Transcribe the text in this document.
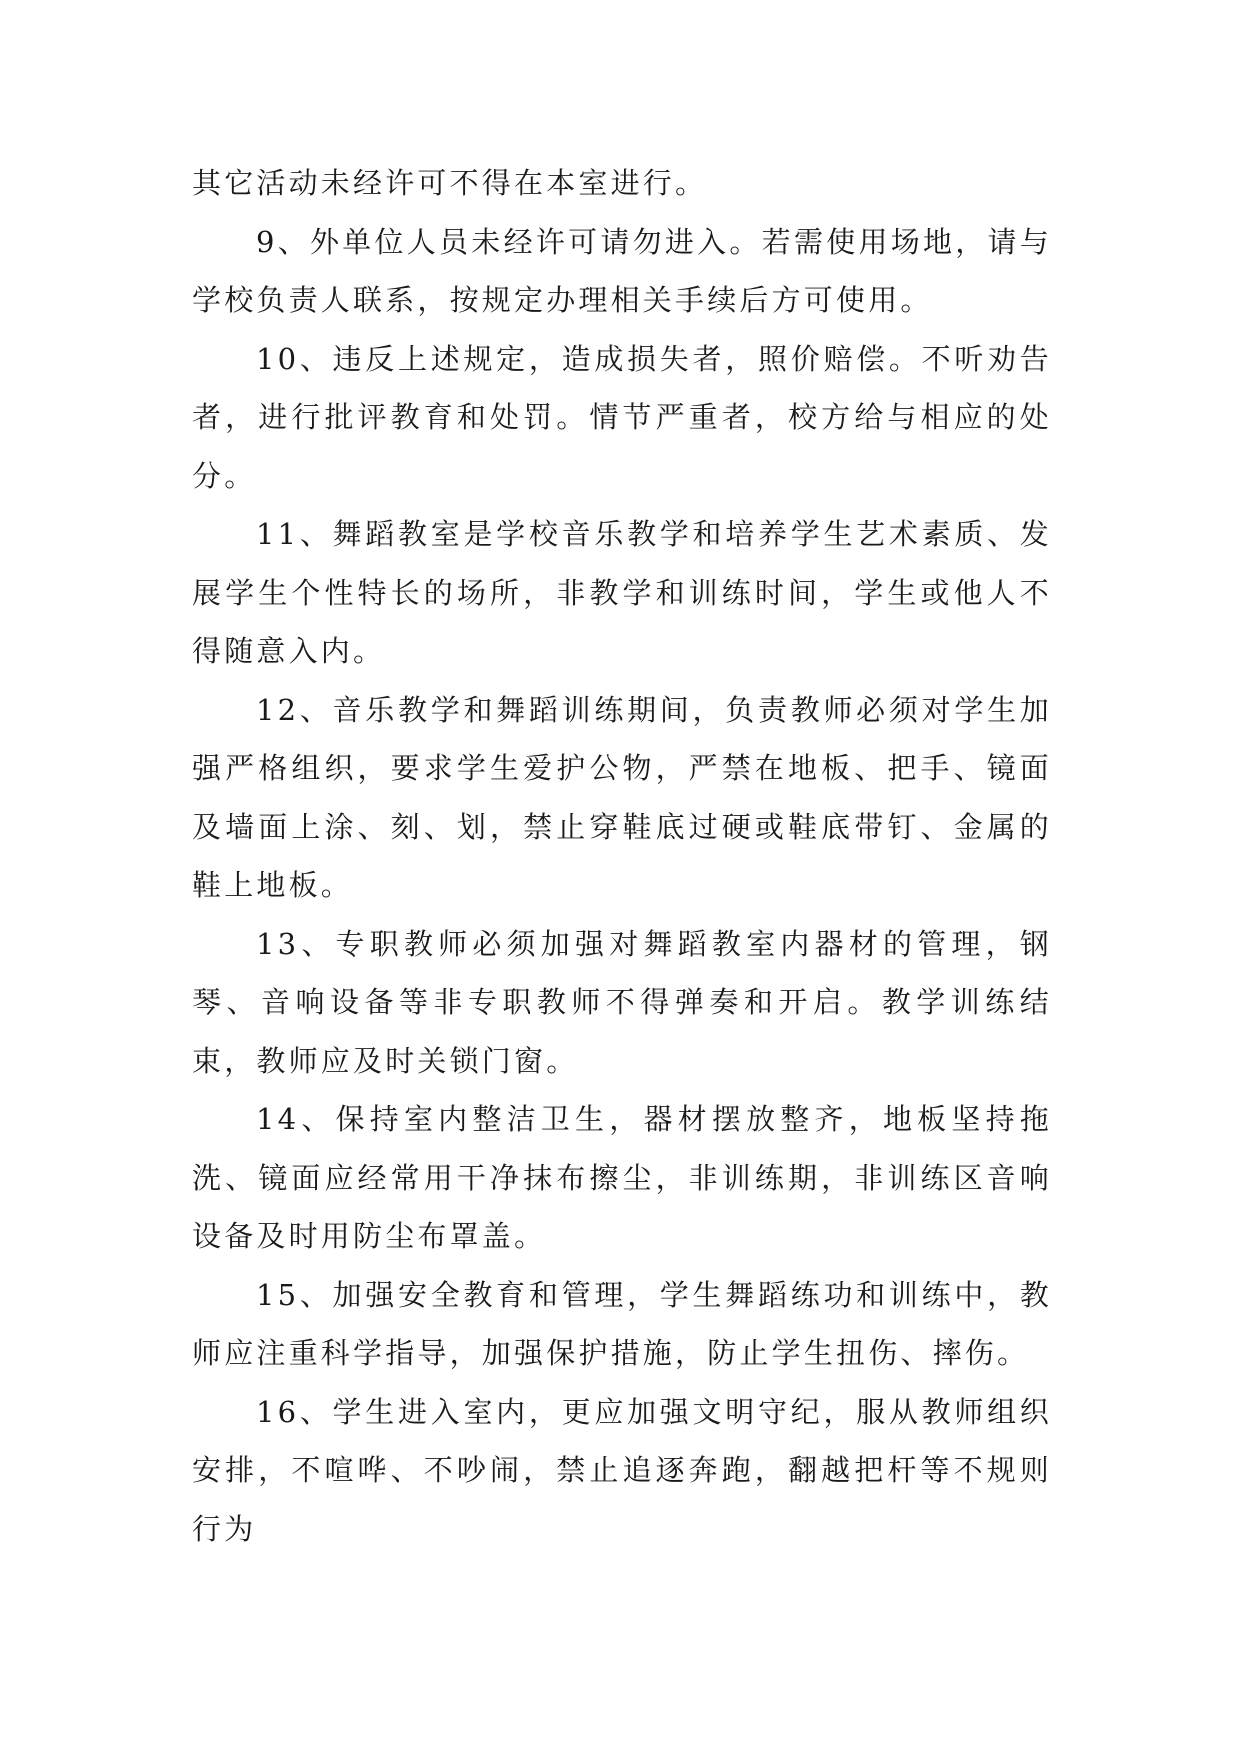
其它活动未经许可不得在本室进行。

9、外单位人员未经许可请勿进入。若需使用场地，请与学校负责人联系，按规定办理相关手续后方可使用。

10、违反上述规定，造成损失者，照价赔偿。不听劝告者，进行批评教育和处罚。情节严重者，校方给与相应的处分。

11、舞蹈教室是学校音乐教学和培养学生艺术素质、发展学生个性特长的场所，非教学和训练时间，学生或他人不得随意入内。

12、音乐教学和舞蹈训练期间，负责教师必须对学生加强严格组织，要求学生爱护公物，严禁在地板、把手、镜面及墙面上涂、刻、划，禁止穿鞋底过硬或鞋底带钉、金属的鞋上地板。

13、专职教师必须加强对舞蹈教室内器材的管理，钢琴、音响设备等非专职教师不得弹奏和开启。教学训练结束，教师应及时关锁门窗。

14、保持室内整洁卫生，器材摆放整齐，地板坚持拖洗、镜面应经常用干净抹布擦尘，非训练期，非训练区音响设备及时用防尘布罩盖。

15、加强安全教育和管理，学生舞蹈练功和训练中，教师应注重科学指导，加强保护措施，防止学生扭伤、摔伤。

16、学生进入室内，更应加强文明守纪，服从教师组织安排，不喧哗、不吵闹，禁止追逐奔跑，翻越把杆等不规则行为
